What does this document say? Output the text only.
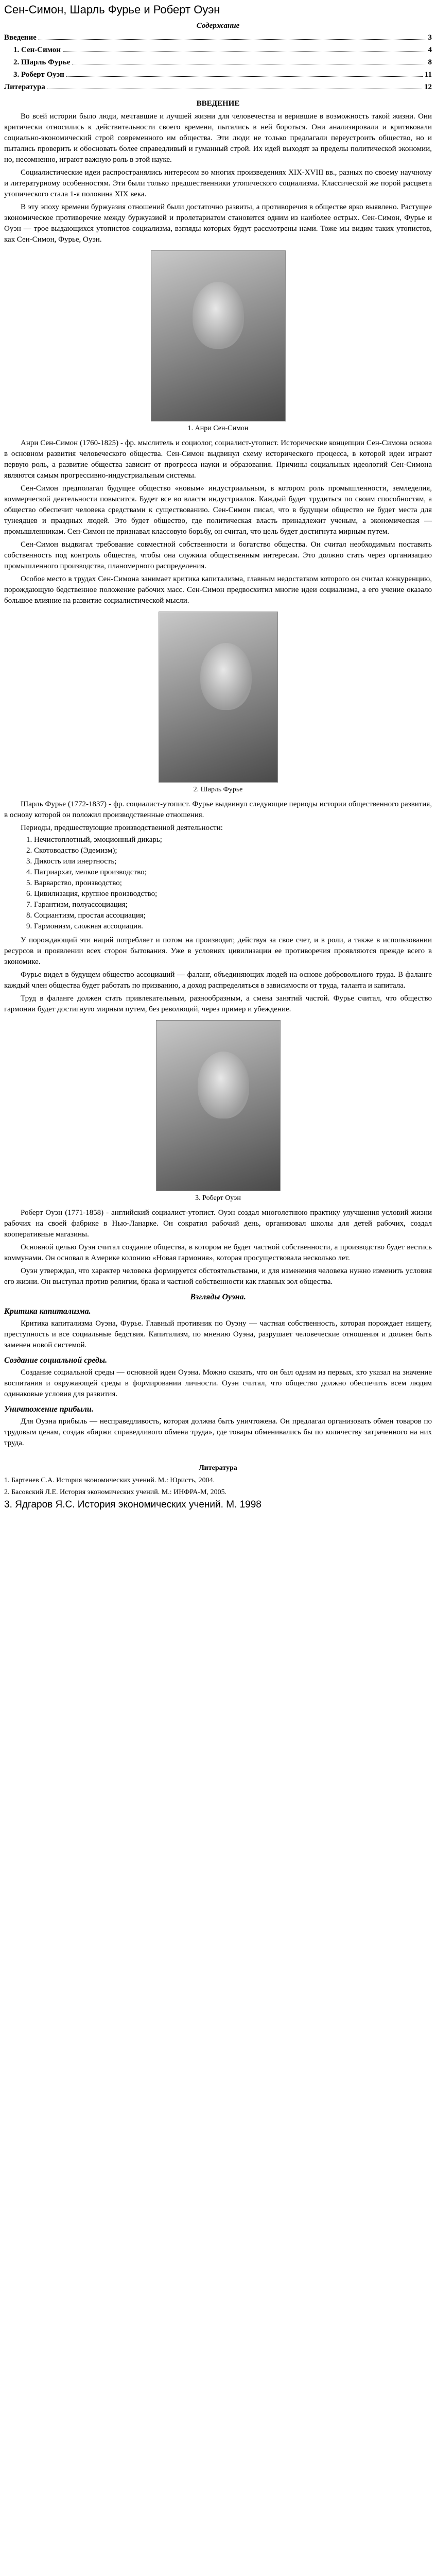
Сен-Симон, Шарль Фурье и Роберт Оуэн
Содержание
Введение	3
1. Сен-Симон	4
2. Шарль Фурье	8
3. Роберт Оуэн	11
Литература	12
ВВЕДЕНИЕ

Во всей истории было люди, мечтавшие и лучшей жизни для человечества и верившие в возможность такой жизни. Они критически относились к действительности своего времени, пытались в ней бороться. Они анализировали и критиковали социально-экономический строй современного им общества. Эти люди не только предлагали переустроить общество, но и пытались проверить и обосновать более справедливый и гуманный строй. Их идей выходят за пределы политической экономии, но, несомненно, играют важную роль в этой науке.

Социалистические идеи распространялись интересом во многих произведениях XIX-XVIII вв., разных по своему научному и литературному особенностям. Эти были только предшественники утопического социализма. Классической же порой расцвета утопического стала 1-я половина XIX века.

В эту эпоху времени буржуазия отношений были достаточно развиты, а противоречия в обществе ярко выявлено. Растущее экономическое противоречие между буржуазией и пролетариатом становится одним из наиболее острых. Сен-Симон, Фурье и Оуэн — трое выдающихся утопистов социализма, взгляды которых будут рассмотрены нами. Тоже мы видим таких утопистов, как Сен-Симон, Фурье, Оуэн.

1. Анри Сен-Симон

Анри Сен-Симон (1760-1825) - фр. мыслитель и социолог, социалист-утопист. Исторические концепции Сен-Симона основа в основном развития человеческого общества. Сен-Симон выдвинул схему исторического процесса, в которой идеи играют первую роль, а развитие общества зависит от прогресса науки и образования. Причины социальных идеологий Сен-Симона являются самым прогрессивно-индустриальным системы.

Сен-Симон предполагал будущее общество «новым» индустриальным, в котором роль промышленности, земледелия, коммерческой деятельности повысится. Будет все во власти индустриалов. Каждый будет трудиться по своим способностям, а общество обеспечит человека средствами к существованию. Сен-Симон писал, что в будущем общество не будет места для тунеядцев и праздных людей. Это будет общество, где политическая власть принадлежит ученым, а экономическая — промышленникам. Сен-Симон не признавал классовую борьбу, он считал, что цель будет достигнута мирным путем.

Сен-Симон выдвигал требование совместной собственности и богатство общества. Он считал необходимым поставить собственность под контроль общества, чтобы она служила общественным интересам. Это должно стать через организацию промышленного производства, планомерного распределения.

Особое место в трудах Сен-Симона занимает критика капитализма, главным недостатком которого он считал конкуренцию, порождающую бедственное положение рабочих масс. Сен-Симон предвосхитил многие идеи социализма, а его учение оказало большое влияние на развитие социалистической мысли.

2. Шарль Фурье

Шарль Фурье (1772-1837) - фр. социалист-утопист. Фурье выдвинул следующие периоды истории общественного развития, в основу которой он положил производственные отношения.

Периоды, предшествующие производственной деятельности:
1. Нечистоплотный, эмоционный дикарь;
2. Скотоводство (Эдемизм);
3. Дикость или инертность;
4. Патриархат, мелкое производство;
5. Варварство, производство;
6. Цивилизация, крупное производство;
7. Гарантизм, полуассоциация;
8. Социантизм, простая ассоциация;
9. Гармонизм, сложная ассоциация.

У порождающий эти наций потребляет и потом на производит, действуя за свое счет, и в роли, а также в использовании ресурсов и проявлении всех сторон бытования. Уже в условиях цивилизации ее противоречия проявляются прежде всего в экономике.

Фурье видел в будущем общество ассоциаций — фаланг, объединяющих людей на основе добровольного труда. В фаланге каждый член общества будет работать по призванию, а доход распределяться в зависимости от труда, таланта и капитала.

Труд в фаланге должен стать привлекательным, разнообразным, а смена занятий частой. Фурье считал, что общество гармонии будет достигнуто мирным путем, без революций, через пример и убеждение.

3. Роберт Оуэн

Роберт Оуэн (1771-1858) - английский социалист-утопист. Оуэн создал многолетнюю практику улучшения условий жизни рабочих на своей фабрике в Нью-Ланарке. Он сократил рабочий день, организовал школы для детей рабочих, создал кооперативные магазины.

Основной целью Оуэн считал создание общества, в котором не будет частной собственности, а производство будет вестись коммунами. Он основал в Америке колонию «Новая гармония», которая просуществовала несколько лет.

Оуэн утверждал, что характер человека формируется обстоятельствами, и для изменения человека нужно изменить условия его жизни. Он выступал против религии, брака и частной собственности как главных зол общества.

Взгляды Оуэна.
Критика капитализма.

Критика капитализма Оуэна, Фурье. Главный противник по Оуэну — частная собственность, которая порождает нищету, преступность и все социальные бедствия. Капитализм, по мнению Оуэна, разрушает человеческие отношения и должен быть заменен новой системой.

Создание социальной среды.

Создание социальной среды — основной идеи Оуэна. Можно сказать, что он был одним из первых, кто указал на значение воспитания и окружающей среды в формировании личности. Оуэн считал, что общество должно обеспечить всем людям одинаковые условия для развития.

Уничтожение прибыли.

Для Оуэна прибыль — несправедливость, которая должна быть уничтожена. Он предлагал организовать обмен товаров по трудовым ценам, создав «биржи справедливого обмена труда», где товары обменивались бы по количеству затраченного на них труда.

Литература
1. Бартенев С.А. История экономических учений. М.: Юристъ, 2004.
2. Басовский Л.Е. История экономических учений. М.: ИНФРА-М, 2005.
3. Ядгаров Я.С. История экономических учений. М. 1998
